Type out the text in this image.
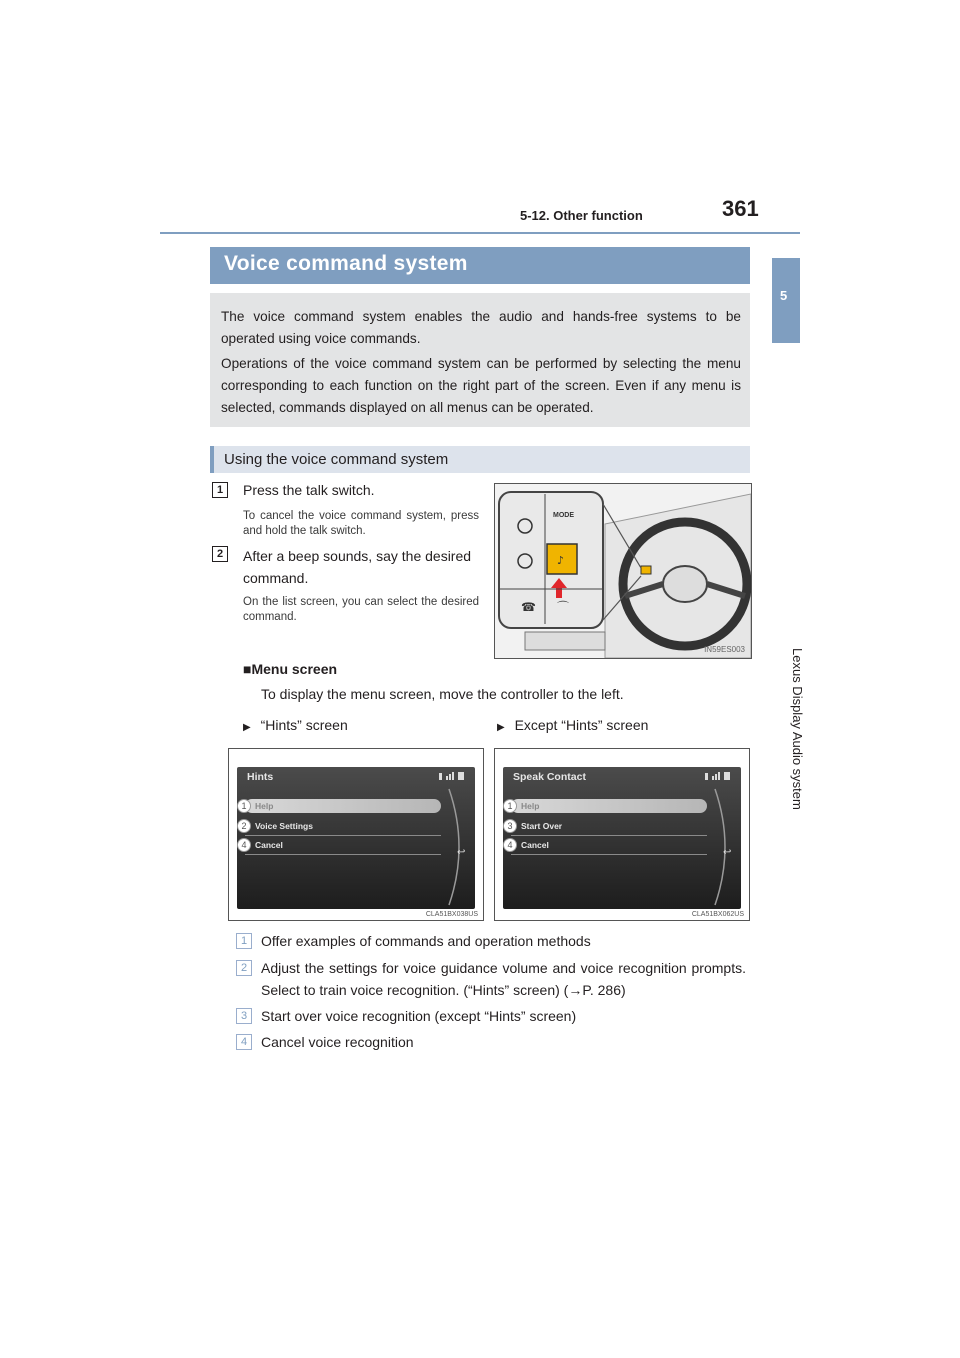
5-12. Other function	361
5
Lexus Display Audio system
Voice command system

The voice command system enables the audio and hands-free systems to be operated using voice commands.

Operations of the voice command system can be performed by selecting the menu corresponding to each function on the right part of the screen. Even if any menu is selected, commands displayed on all menus can be operated.

Using the voice command system
1	Press the talk switch.
To cancel the voice command system, press and hold the talk switch.
2	After a beep sounds, say the desired command.
On the list screen, you can select the desired command.
♪
☎ ⌒
MODE
IN59ES003
■Menu screen
To display the menu screen, move the controller to the left.
▶ “Hints” screen	▶ Except “Hints” screen
Hints
1	Help
2	Voice Settings
4	Cancel
↩
CLA51BX038US
Speak Contact
1	Help
3	Start Over
4	Cancel
↩
CLA51BX062US
1 Offer examples of commands and operation methods
2 Adjust the settings for voice guidance volume and voice recognition prompts. Select to train voice recognition. (“Hints” screen) (→P. 286)
3 Start over voice recognition (except “Hints” screen)
4 Cancel voice recognition
